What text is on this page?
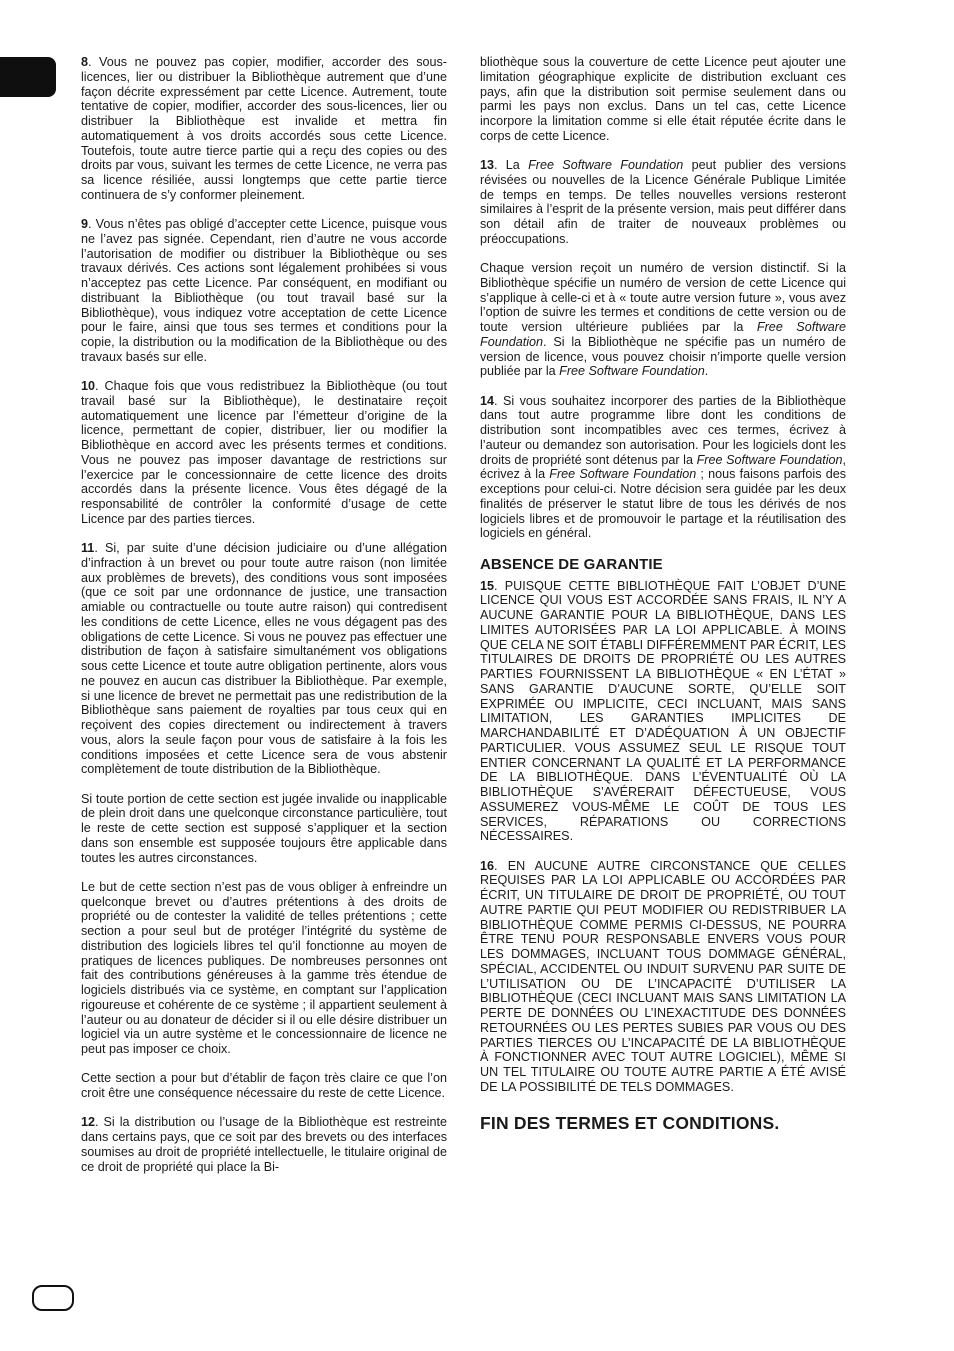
8. Vous ne pouvez pas copier, modifier, accorder des sous-licences, lier ou distribuer la Bibliothèque autrement que d’une façon décrite expressément par cette Licence. Autrement, toute tentative de copier, modifier, accorder des sous-licences, lier ou distribuer la Bibliothèque est invalide et mettra fin automatiquement à vos droits accordés sous cette Licence. Toutefois, toute autre tierce partie qui a reçu des copies ou des droits par vous, suivant les termes de cette Licence, ne verra pas sa licence résiliée, aussi longtemps que cette partie tierce continuera de s’y conformer pleinement.

9. Vous n’êtes pas obligé d’accepter cette Licence, puisque vous ne l’avez pas signée. Cependant, rien d’autre ne vous accorde l’autorisation de modifier ou distribuer la Bibliothèque ou ses travaux dérivés. Ces actions sont légalement prohibées si vous n’acceptez pas cette Licence. Par conséquent, en modifiant ou distribuant la Bibliothèque (ou tout travail basé sur la Bibliothèque), vous indiquez votre acceptation de cette Licence pour le faire, ainsi que tous ses termes et conditions pour la copie, la distribution ou la modification de la Bibliothèque ou des travaux basés sur elle.

10. Chaque fois que vous redistribuez la Bibliothèque (ou tout travail basé sur la Bibliothèque), le destinataire reçoit automatiquement une licence par l’émetteur d’origine de la licence, permettant de copier, distribuer, lier ou modifier la Bibliothèque en accord avec les présents termes et conditions. Vous ne pouvez pas imposer davantage de restrictions sur l’exercice par le concessionnaire de cette licence des droits accordés dans la présente licence. Vous êtes dégagé de la responsabilité de contrôler la conformité d’usage de cette Licence par des parties tierces.

11. Si, par suite d’une décision judiciaire ou d’une allégation d’infraction à un brevet ou pour toute autre raison (non limitée aux problèmes de brevets), des conditions vous sont imposées (que ce soit par une ordonnance de justice, une transaction amiable ou contractuelle ou toute autre raison) qui contredisent les conditions de cette Licence, elles ne vous dégagent pas des obligations de cette Licence. Si vous ne pouvez pas effectuer une distribution de façon à satisfaire simultanément vos obligations sous cette Licence et toute autre obligation pertinente, alors vous ne pouvez en aucun cas distribuer la Bibliothèque. Par exemple, si une licence de brevet ne permettait pas une redistribution de la Bibliothèque sans paiement de royalties par tous ceux qui en reçoivent des copies directement ou indirectement à travers vous, alors la seule façon pour vous de satisfaire à la fois les conditions imposées et cette Licence sera de vous abstenir complètement de toute distribution de la Bibliothèque.

Si toute portion de cette section est jugée invalide ou inapplicable de plein droit dans une quelconque circonstance particulière, tout le reste de cette section est supposé s’appliquer et la section dans son ensemble est supposée toujours être applicable dans toutes les autres circonstances.

Le but de cette section n’est pas de vous obliger à enfreindre un quelconque brevet ou d’autres prétentions à des droits de propriété ou de contester la validité de telles prétentions ; cette section a pour seul but de protéger l’intégrité du système de distribution des logiciels libres tel qu’il fonctionne au moyen de pratiques de licences publiques. De nombreuses personnes ont fait des contributions généreuses à la gamme très étendue de logiciels distribués via ce système, en comptant sur l’application rigoureuse et cohérente de ce système ; il appartient seulement à l’auteur ou au donateur de décider si il ou elle désire distribuer un logiciel via un autre système et le concessionnaire de licence ne peut pas imposer ce choix.

Cette section a pour but d’établir de façon très claire ce que l’on croit être une conséquence nécessaire du reste de cette Licence.

12. Si la distribution ou l’usage de la Bibliothèque est restreinte dans certains pays, que ce soit par des brevets ou des interfaces soumises au droit de propriété intellectuelle, le titulaire original de ce droit de propriété qui place la Bi-

bliothèque sous la couverture de cette Licence peut ajouter une limitation géographique explicite de distribution excluant ces pays, afin que la distribution soit permise seulement dans ou parmi les pays non exclus. Dans un tel cas, cette Licence incorpore la limitation comme si elle était réputée écrite dans le corps de cette Licence.

13. La Free Software Foundation peut publier des versions révisées ou nouvelles de la Licence Générale Publique Limitée de temps en temps. De telles nouvelles versions resteront similaires à l’esprit de la présente version, mais peut différer dans son détail afin de traiter de nouveaux problèmes ou préoccupations.

Chaque version reçoit un numéro de version distinctif. Si la Bibliothèque spécifie un numéro de version de cette Licence qui s’applique à celle-ci et à « toute autre version future », vous avez l’option de suivre les termes et conditions de cette version ou de toute version ultérieure publiées par la Free Software Foundation. Si la Bibliothèque ne spécifie pas un numéro de version de licence, vous pouvez choisir n’importe quelle version publiée par la Free Software Foundation.

14. Si vous souhaitez incorporer des parties de la Bibliothèque dans tout autre programme libre dont les conditions de distribution sont incompatibles avec ces termes, écrivez à l’auteur ou demandez son autorisation. Pour les logiciels dont les droits de propriété sont détenus par la Free Software Foundation, écrivez à la Free Software Foundation ; nous faisons parfois des exceptions pour celui-ci. Notre décision sera guidée par les deux finalités de préserver le statut libre de tous les dérivés de nos logiciels libres et de promouvoir le partage et la réutilisation des logiciels en général.

ABSENCE DE GARANTIE

15. PUISQUE CETTE BIBLIOTHÈQUE FAIT L’OBJET D’UNE LICENCE QUI VOUS EST ACCORDÉE SANS FRAIS, IL N’Y A AUCUNE GARANTIE POUR LA BIBLIOTHÈQUE, DANS LES LIMITES AUTORISÉES PAR LA LOI APPLICABLE. À MOINS QUE CELA NE SOIT ÉTABLI DIFFÉREMMENT PAR ÉCRIT, LES TITULAIRES DE DROITS DE PROPRIÉTÉ OU LES AUTRES PARTIES FOURNISSENT LA BIBLIOTHÈQUE « EN L’ÉTAT » SANS GARANTIE D’AUCUNE SORTE, QU’ELLE SOIT EXPRIMÉE OU IMPLICITE, CECI INCLUANT, MAIS SANS LIMITATION, LES GARANTIES IMPLICITES DE MARCHANDABILITÉ ET D’ADÉQUATION À UN OBJECTIF PARTICULIER. VOUS ASSUMEZ SEUL LE RISQUE TOUT ENTIER CONCERNANT LA QUALITÉ ET LA PERFORMANCE DE LA BIBLIOTHÈQUE. DANS L’ÉVENTUALITÉ OÙ LA BIBLIOTHÈQUE S’AVÉRERAIT DÉFECTUEUSE, VOUS ASSUMEREZ VOUS-MÊME LE COÛT DE TOUS LES SERVICES, RÉPARATIONS OU CORRECTIONS NÉCESSAIRES.

16. EN AUCUNE AUTRE CIRCONSTANCE QUE CELLES REQUISES PAR LA LOI APPLICABLE OU ACCORDÉES PAR ÉCRIT, UN TITULAIRE DE DROIT DE PROPRIÉTÉ, OU TOUT AUTRE PARTIE QUI PEUT MODIFIER OU REDISTRIBUER LA BIBLIOTHÈQUE COMME PERMIS CI-DESSUS, NE POURRA ÊTRE TENU POUR RESPONSABLE ENVERS VOUS POUR LES DOMMAGES, INCLUANT TOUS DOMMAGE GÉNÉRAL, SPÉCIAL, ACCIDENTEL OU INDUIT SURVENU PAR SUITE DE L’UTILISATION OU DE L’INCAPACITÉ D’UTILISER LA BIBLIOTHÈQUE (CECI INCLUANT MAIS SANS LIMITATION LA PERTE DE DONNÉES OU L’INEXACTITUDE DES DONNÉES RETOURNÉES OU LES PERTES SUBIES PAR VOUS OU DES PARTIES TIERCES OU L’INCAPACITÉ DE LA BIBLIOTHÈQUE À FONCTIONNER AVEC TOUT AUTRE LOGICIEL), MÊME SI UN TEL TITULAIRE OU TOUTE AUTRE PARTIE A ÉTÉ AVISÉ DE LA POSSIBILITÉ DE TELS DOMMAGES.

FIN DES TERMES ET CONDITIONS.
